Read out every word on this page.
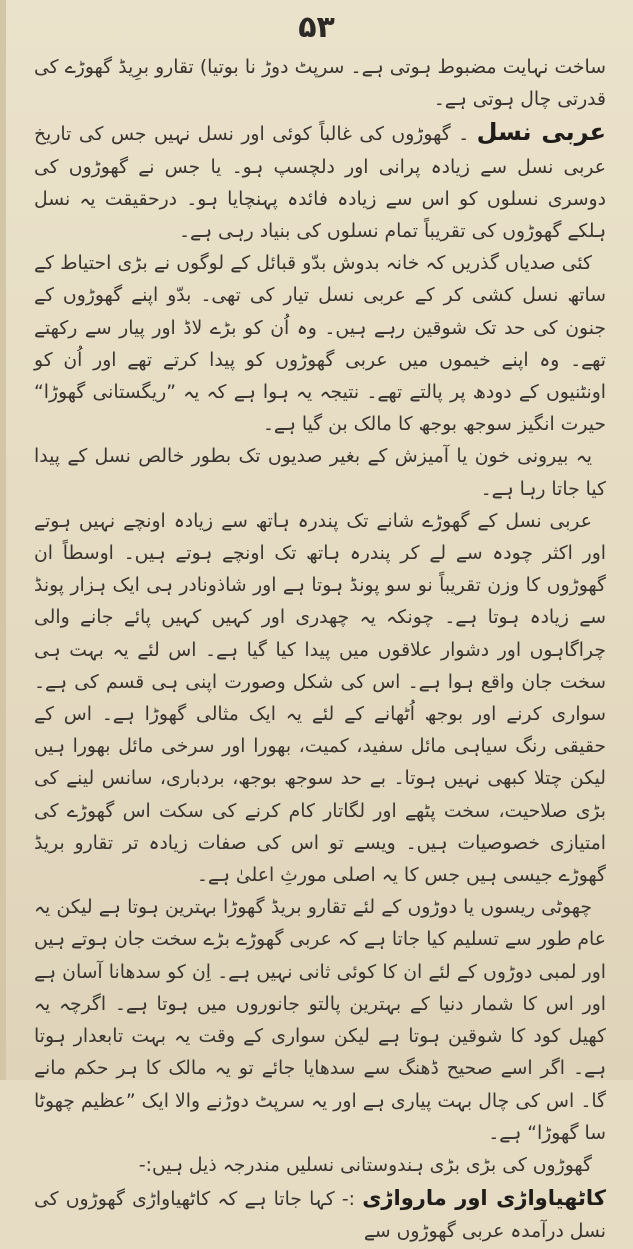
۵۳

ساخت نہایت مضبوط ہوتی ہے۔ سرپٹ دوڑ نا بوتیا) تقارو برِیڈ گھوڑے کی قدرتی چال ہوتی ہے۔

عربی نسل ۔ گھوڑوں کی غالباً کوئی اور نسل نہیں جس کی تاریخ عربی نسل سے زیادہ پرانی اور دلچسپ ہو۔ یا جس نے گھوڑوں کی دوسری نسلوں کو اس سے زیادہ فائدہ پہنچایا ہو۔ درحقیقت یہ نسل ہلکے گھوڑوں کی تقریباً تمام نسلوں کی بنیاد رہی ہے۔

کئی صدیاں گذریں کہ خانہ بدوش بدّو قبائل کے لوگوں نے بڑی احتیاط کے ساتھ نسل کشی کر کے عربی نسل تیار کی تھی۔ بدّو اپنے گھوڑوں کے جنون کی حد تک شوقین رہے ہیں۔ وہ اُن کو بڑے لاڈ اور پیار سے رکھتے تھے۔ وہ اپنے خیموں میں عربی گھوڑوں کو پیدا کرتے تھے اور اُن کو اونٹنیوں کے دودھ پر پالتے تھے۔ نتیجہ یہ ہوا ہے کہ یہ ”ریگستانی گھوڑا“ حیرت انگیز سوجھ بوجھ کا مالک بن گیا ہے۔

یہ بیرونی خون یا آمیزش کے بغیر صدیوں تک بطور خالص نسل کے پیدا کیا جاتا رہا ہے۔

عربی نسل کے گھوڑے شانے تک پندرہ ہاتھ سے زیادہ اونچے نہیں ہوتے اور اکثر چودہ سے لے کر پندرہ ہاتھ تک اونچے ہوتے ہیں۔ اوسطاً ان گھوڑوں کا وزن تقریباً نو سو پونڈ ہوتا ہے اور شاذونادر ہی ایک ہزار پونڈ سے زیادہ ہوتا ہے۔ چونکہ یہ چھدری اور کہیں کہیں پائے جانے والی چراگاہوں اور دشوار علاقوں میں پیدا کیا گیا ہے۔ اس لئے یہ بہت ہی سخت جان واقع ہوا ہے۔ اس کی شکل وصورت اپنی ہی قسم کی ہے۔ سواری کرنے اور بوجھ اُٹھانے کے لئے یہ ایک مثالی گھوڑا ہے۔ اس کے حقیقی رنگ سیاہی مائل سفید، کمیت، بھورا اور سرخی مائل بھورا ہیں لیکن چتلا کبھی نہیں ہوتا۔ بے حد سوجھ بوجھ، بردباری، سانس لینے کی بڑی صلاحیت، سخت پٹھے اور لگاتار کام کرنے کی سکت اس گھوڑے کی امتیازی خصوصیات ہیں۔ ویسے تو اس کی صفات زیادہ تر تقارو بریڈ گھوڑے جیسی ہیں جس کا یہ اصلی مورثِ اعلیٰ ہے۔

چھوٹی ریسوں یا دوڑوں کے لئے تقارو بریڈ گھوڑا بہترین ہوتا ہے لیکن یہ عام طور سے تسلیم کیا جاتا ہے کہ عربی گھوڑے بڑے سخت جان ہوتے ہیں اور لمبی دوڑوں کے لئے ان کا کوئی ثانی نہیں ہے۔ اِن کو سدھانا آسان ہے اور اس کا شمار دنیا کے بہترین پالتو جانوروں میں ہوتا ہے۔ اگرچہ یہ کھیل کود کا شوقین ہوتا ہے لیکن سواری کے وقت یہ بہت تابعدار ہوتا ہے۔ اگر اسے صحیح ڈھنگ سے سدھایا جائے تو یہ مالک کا ہر حکم مانے گا۔ اس کی چال بہت پیاری ہے اور یہ سرپٹ دوڑنے والا ایک ”عظیم چھوٹا سا گھوڑا“ ہے۔

گھوڑوں کی بڑی بڑی ہندوستانی نسلیں مندرجہ ذیل ہیں:-

کاٹھیاواڑی اور مارواڑی :- کہا جاتا ہے کہ کاٹھیاواڑی گھوڑوں کی نسل درآمدہ عربی گھوڑوں سے
